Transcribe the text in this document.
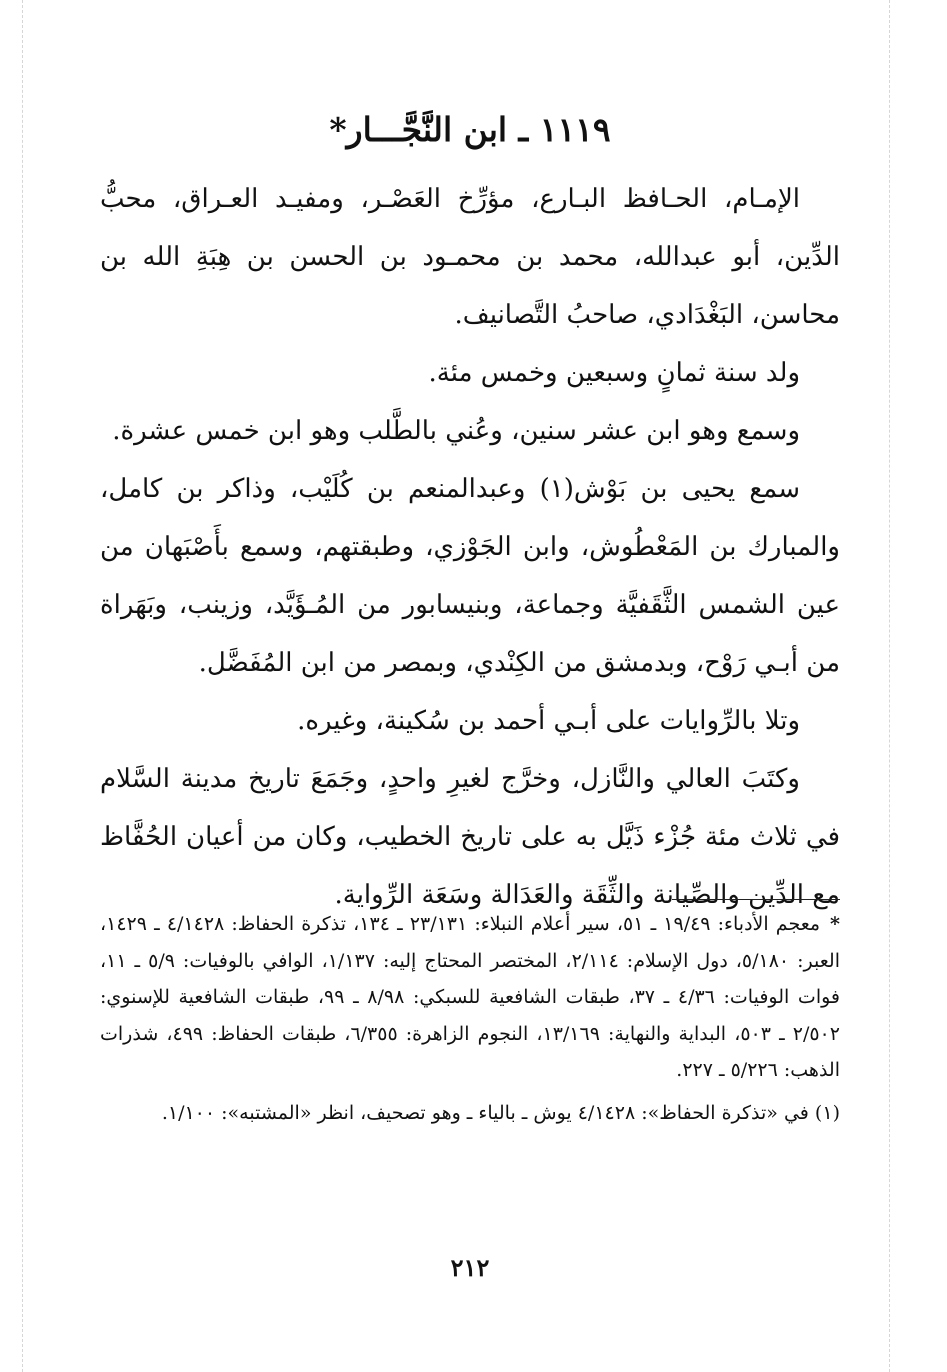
١١١٩ ـ ابن النَّجَّـــار*

الإمـام، الحـافظ البـارع، مؤرِّخ العَصْـر، ومفيـد العـراق، محبُّ الدِّين، أبو عبدالله، محمد بن محمـود بن الحسن بن هِبَةِ الله بن محاسن، البَغْدَادي، صاحبُ التَّصانيف.

ولد سنة ثمانٍ وسبعين وخمس مئة.

وسمع وهو ابن عشر سنين، وعُني بالطَّلب وهو ابن خمس عشرة.

سمع يحيى بن بَوْش(١) وعبدالمنعم بن كُلَيْب، وذاكر بن كامل، والمبارك بن المَعْطُوش، وابن الجَوْزي، وطبقتهم، وسمع بأَصْبَهان من عين الشمس الثَّقَفيَّة وجماعة، وبنيسابور من المُـؤَيَّد، وزينب، وبَهَراة من أبـي رَوْح، وبدمشق من الكِنْدي، وبمصر من ابن المُفَضَّل.

وتلا بالرِّوايات على أبـي أحمد بن سُكينة، وغيره.

وكتَبَ العالي والنَّازل، وخرَّج لغيرِ واحدٍ، وجَمَعَ تاريخ مدينة السَّلام في ثلاث مئة جُزْء ذَيَّل به على تاريخ الخطيب، وكان من أعيان الحُفَّاظ مع الدِّين والصِّيانة والثِّقَة والعَدَالة وسَعَة الرِّواية.

*معجم الأدباء: ١٩/٤٩ ـ ٥١، سير أعلام النبلاء: ٢٣/١٣١ ـ ١٣٤، تذكرة الحفاظ: ٤/١٤٢٨ ـ ١٤٢٩، العبر: ٥/١٨٠، دول الإسلام: ٢/١١٤، المختصر المحتاج إليه: ١/١٣٧، الوافي بالوفيات: ٥/٩ ـ ١١، فوات الوفيات: ٤/٣٦ ـ ٣٧، طبقات الشافعية للسبكي: ٨/٩٨ ـ ٩٩، طبقات الشافعية للإسنوي: ٢/٥٠٢ ـ ٥٠٣، البداية والنهاية: ١٣/١٦٩، النجوم الزاهرة: ٦/٣٥٥، طبقات الحفاظ: ٤٩٩، شذرات الذهب: ٥/٢٢٦ ـ ٢٢٧.

(١) في «تذكرة الحفاظ»: ٤/١٤٢٨ يوش ـ بالياء ـ وهو تصحيف، انظر «المشتبه»: ١/١٠٠.

٢١٢
